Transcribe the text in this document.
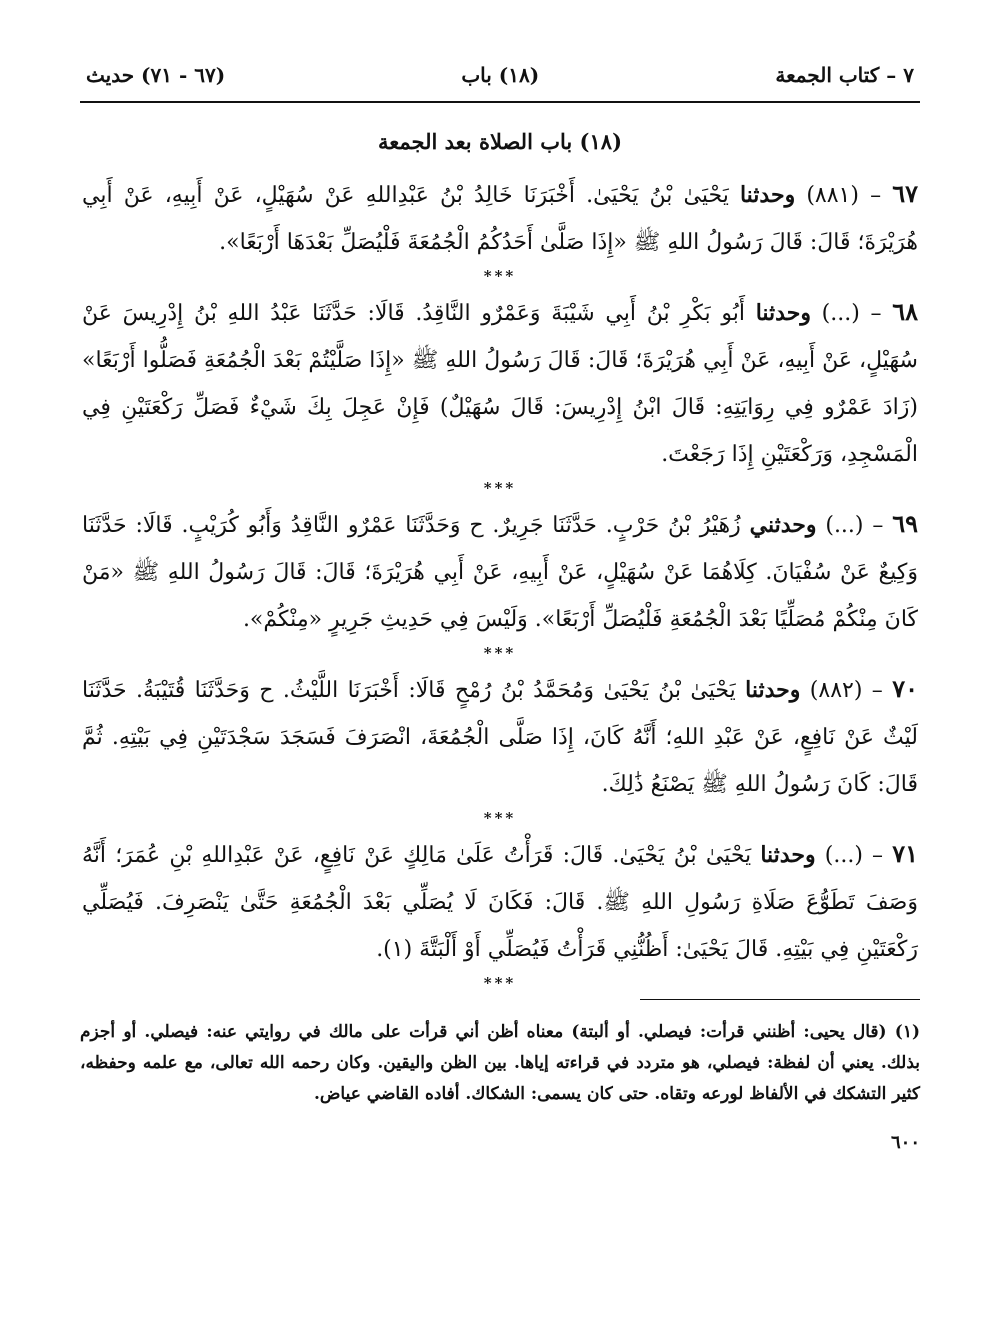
٧ – كتاب الجمعة
(١٨) باب
(٦٧ - ٧١) حديث
(١٨) باب الصلاة بعد الجمعة

٦٧ – (٨٨١) وحدثنا يَحْيَىٰ بْنُ يَحْيَىٰ. أَخْبَرَنَا خَالِدُ بْنُ عَبْدِاللهِ عَنْ سُهَيْلٍ، عَنْ أَبِيهِ، عَنْ أَبِي هُرَيْرَةَ؛ قَالَ: قَالَ رَسُولُ اللهِ ﷺ «إِذَا صَلَّىٰ أَحَدُكُمُ الْجُمُعَةَ فَلْيُصَلِّ بَعْدَهَا أَرْبَعًا».

***

٦٨ – (...) وحدثنا أَبُو بَكْرِ بْنُ أَبِي شَيْبَةَ وَعَمْرٌو النَّاقِدُ. قَالَا: حَدَّثَنَا عَبْدُ اللهِ بْنُ إِدْرِيسَ عَنْ سُهَيْلٍ، عَنْ أَبِيهِ، عَنْ أَبِي هُرَيْرَةَ؛ قَالَ: قَالَ رَسُولُ اللهِ ﷺ «إِذَا صَلَّيْتُمْ بَعْدَ الْجُمُعَةِ فَصَلُّوا أَرْبَعًا» (زَادَ عَمْرٌو فِي رِوَايَتِهِ: قَالَ ابْنُ إِدْرِيسَ: قَالَ سُهَيْلٌ) فَإِنْ عَجِلَ بِكَ شَيْءٌ فَصَلِّ رَكْعَتَيْنِ فِي الْمَسْجِدِ، وَرَكْعَتَيْنِ إِذَا رَجَعْتَ.

***

٦٩ – (...) وحدثني زُهَيْرُ بْنُ حَرْبٍ. حَدَّثَنَا جَرِيرٌ. ح وَحَدَّثَنَا عَمْرٌو النَّاقِدُ وَأَبُو كُرَيْبٍ. قَالَا: حَدَّثَنَا وَكِيعٌ عَنْ سُفْيَانَ. كِلَاهُمَا عَنْ سُهَيْلٍ، عَنْ أَبِيهِ، عَنْ أَبِي هُرَيْرَةَ؛ قَالَ: قَالَ رَسُولُ اللهِ ﷺ «مَنْ كَانَ مِنْكُمْ مُصَلِّيًا بَعْدَ الْجُمُعَةِ فَلْيُصَلِّ أَرْبَعًا». وَلَيْسَ فِي حَدِيثِ جَرِيرٍ «مِنْكُمْ».

***

٧٠ – (٨٨٢) وحدثنا يَحْيَىٰ بْنُ يَحْيَىٰ وَمُحَمَّدُ بْنُ رُمْحٍ قَالَا: أَخْبَرَنَا اللَّيْثُ. ح وَحَدَّثَنَا قُتَيْبَةُ. حَدَّثَنَا لَيْثٌ عَنْ نَافِعٍ، عَنْ عَبْدِ اللهِ؛ أَنَّهُ كَانَ، إِذَا صَلَّى الْجُمُعَةَ، انْصَرَفَ فَسَجَدَ سَجْدَتَيْنِ فِي بَيْتِهِ. ثُمَّ قَالَ: كَانَ رَسُولُ اللهِ ﷺ يَصْنَعُ ذَٰلِكَ.

***

٧١ – (...) وحدثنا يَحْيَىٰ بْنُ يَحْيَىٰ. قَالَ: قَرَأْتُ عَلَىٰ مَالِكٍ عَنْ نَافِعٍ، عَنْ عَبْدِاللهِ بْنِ عُمَرَ؛ أَنَّهُ وَصَفَ تَطَوُّعَ صَلَاةِ رَسُولِ اللهِ ﷺ. قَالَ: فَكَانَ لَا يُصَلِّي بَعْدَ الْجُمُعَةِ حَتَّىٰ يَنْصَرِفَ. فَيُصَلِّي رَكْعَتَيْنِ فِي بَيْتِهِ. قَالَ يَحْيَىٰ: أَظُنُّنِي قَرَأْتُ فَيُصَلِّي أَوْ أَلْبَتَّةَ (١).

***

(١) (قال يحيى: أظنني قرأت: فيصلي. أو ألبتة) معناه أظن أني قرأت على مالك في روايتي عنه: فيصلي. أو أجزم بذلك. يعني أن لفظة: فيصلي، هو متردد في قراءته إياها. بين الظن واليقين. وكان رحمه الله تعالى، مع علمه وحفظه، كثير التشكك في الألفاظ لورعه وتقاه. حتى كان يسمى: الشكاك. أفاده القاضي عياض.

٦٠٠
